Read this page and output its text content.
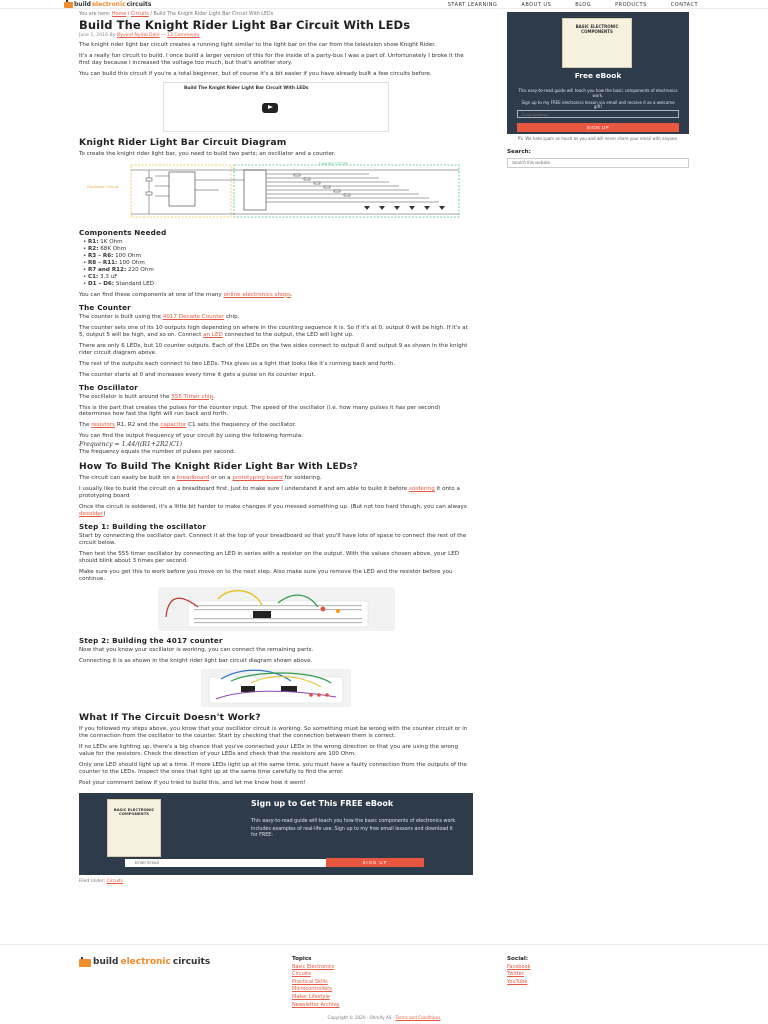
build electronic circuits	START LEARNING	ABOUT US	BLOG	PRODUCTS	CONTACT
You are here: Home / Circuits / Build The Knight Rider Light Bar Circuit With LEDs
Build The Knight Rider Light Bar Circuit With LEDs
June 1, 2016 By Øyvind Nydal Dahl — 13 Comments

The knight rider light bar circuit creates a running light similar to the light bar on the car from the television show Knight Rider.

It's a really fun circuit to build. I once build a larger version of this for the inside of a party-bus I was a part of. Unfortunately I broke it the first day because I increased the voltage too much, but that's another story.

You can build this circuit if you're a total beginner, but of course it's a bit easier if you have already built a few circuits before.

Build The Knight Rider Light Bar Circuit With LEDs
Knight Rider Light Bar Circuit Diagram

To create the knight rider light bar, you need to build two parts; an oscillator and a counter.

Oscillator Circuit
Counter Circuit
Components Needed
• R1: 1K Ohm
• R2: 68K Ohm
• R3 – R6: 100 Ohm
• R8 – R11: 100 Ohm
• R7 and R12: 220 Ohm
• C1: 3.3 uF
• D1 – D6: Standard LED

You can find these components at one of the many online electronics shops.

The Counter

The counter is built using the 4017 Decade Counter chip.

The counter sets one of its 10 outputs high depending on where in the counting sequence it is. So if it's at 0, output 0 will be high. If it's at 5, output 5 will be high, and so on. Connect an LED connected to the output, the LED will light up.

There are only 6 LEDs, but 10 counter outputs. Each of the LEDs on the two sides connect to output 0 and output 9 as shown in the knight rider circuit diagram above.

The rest of the outputs each connect to two LEDs. This gives us a light that looks like it's running back and forth.

The counter starts at 0 and increases every time it gets a pulse on its counter input.

The Oscillator

The oscillator is built around the 555 Timer chip.

This is the part that creates the pulses for the counter input. The speed of the oscillator (i.e. how many pulses it has per second) determines how fast the light will run back and forth.

The resistors R1, R2 and the capacitor C1 sets the frequency of the oscillator.

You can find the output frequency of your circuit by using the following formula:

Frequency = 1.44/((R1+2R2)C1)

The frequency equals the number of pulses per second.

How To Build The Knight Rider Light Bar With LEDs?

The circuit can easily be built on a breadboard or on a prototyping board for soldering.

I usually like to build the circuit on a breadboard first. Just to make sure I understand it and am able to build it before soldering it onto a prototyping board

Once the circuit is soldered, it's a little bit harder to make changes if you messed something up. (But not too hard though, you can always desolder)

Step 1: Building the oscillator

Start by connecting the oscillator part. Connect it at the top of your breadboard so that you'll have lots of space to connect the rest of the circuit below.

Then test the 555 timer oscillator by connecting an LED in series with a resistor on the output. With the values chosen above, your LED should blink about 3 times per second.

Make sure you get this to work before you move on to the next step. Also make sure you remove the LED and the resistor before you continue.

Step 2: Building the 4017 counter

Now that you know your oscillator is working, you can connect the remaining parts.

Connecting it is as shown in the knight rider light bar circuit diagram shown above.

What If The Circuit Doesn't Work?

If you followed my steps above, you know that your oscillator circuit is working. So something must be wrong with the counter circuit or in the connection from the oscillator to the counter. Start by checking that the connection between them is correct.

If no LEDs are lighting up, there's a big chance that you've connected your LEDs in the wrong direction or that you are using the wrong value for the resistors. Check the direction of your LEDs and check that the resistors are 100 Ohm.

Only one LED should light up at a time. If more LEDs light up at the same time, you must have a faulty connection from the outputs of the counter to the LEDs. Inspect the ones that light up at the same time carefully to find the error.

Post your comment below if you tried to build this, and let me know how it went!

BASIC ELECTRONIC COMPONENTS
Sign up to Get This FREE eBook
This easy-to-read guide will teach you how the basic components of electronics work.
Includes examples of real-life use. Sign up to my free email lessons and download it for FREE:
Enter Email
SIGN UP
Filed Under: Circuits
BASIC ELECTRONIC COMPONENTS
Free eBook
This easy-to-read guide will teach you how the basic components of electronics work.
Sign up to my FREE electronics lesson via email and receive it as a welcome gift!
Email Address
SIGN UP
PS: We hate spam as much as you and will never share your email with anyone.
Search:
Search this website
build electronic circuits	Topics
Basic Electronics
Circuits
Practical Skills
Microcontrollers
Maker Lifestyle
Newsletter Archive
Social:
Facebook
Twitter
YouTube
Copyright © 2020 · Ohmify AS · Terms and Conditions
